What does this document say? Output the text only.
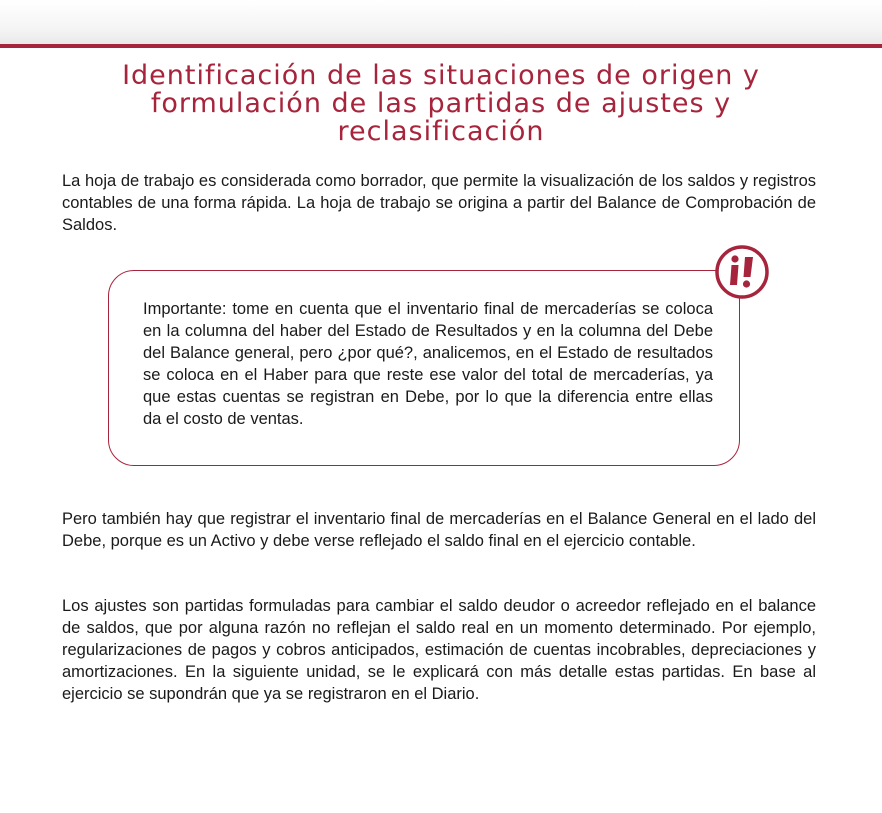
Identificación de las situaciones de origen y formulación de las partidas de ajustes y reclasificación

La hoja de trabajo es considerada como borrador, que permite la visualización de los saldos y registros contables de una forma rápida. La hoja de trabajo se origina a partir del Balance de Comprobación de Saldos.

Importante: tome en cuenta que el inventario final de mercaderías se coloca en la columna del haber del Estado de Resultados y en la columna del Debe del Balance general, pero ¿por qué?, analicemos, en el Estado de resultados se coloca en el Haber para que reste ese valor del total de mercaderías, ya que estas cuentas se registran en Debe, por lo que la diferencia entre ellas da el costo de ventas.

Pero también hay que registrar el inventario final de mercaderías en el Balance General en el lado del Debe, porque es un Activo y debe verse reflejado el saldo final en el ejercicio contable.

Los ajustes son partidas formuladas para cambiar el saldo deudor o acreedor reflejado en el balance de saldos, que por alguna razón no reflejan el saldo real en un momento determinado. Por ejemplo, regularizaciones de pagos y cobros anticipados, estimación de cuentas incobrables, depreciaciones y amortizaciones. En la siguiente unidad, se le explicará con más detalle estas partidas. En base al ejercicio se supondrán que ya se registraron en el Diario.
